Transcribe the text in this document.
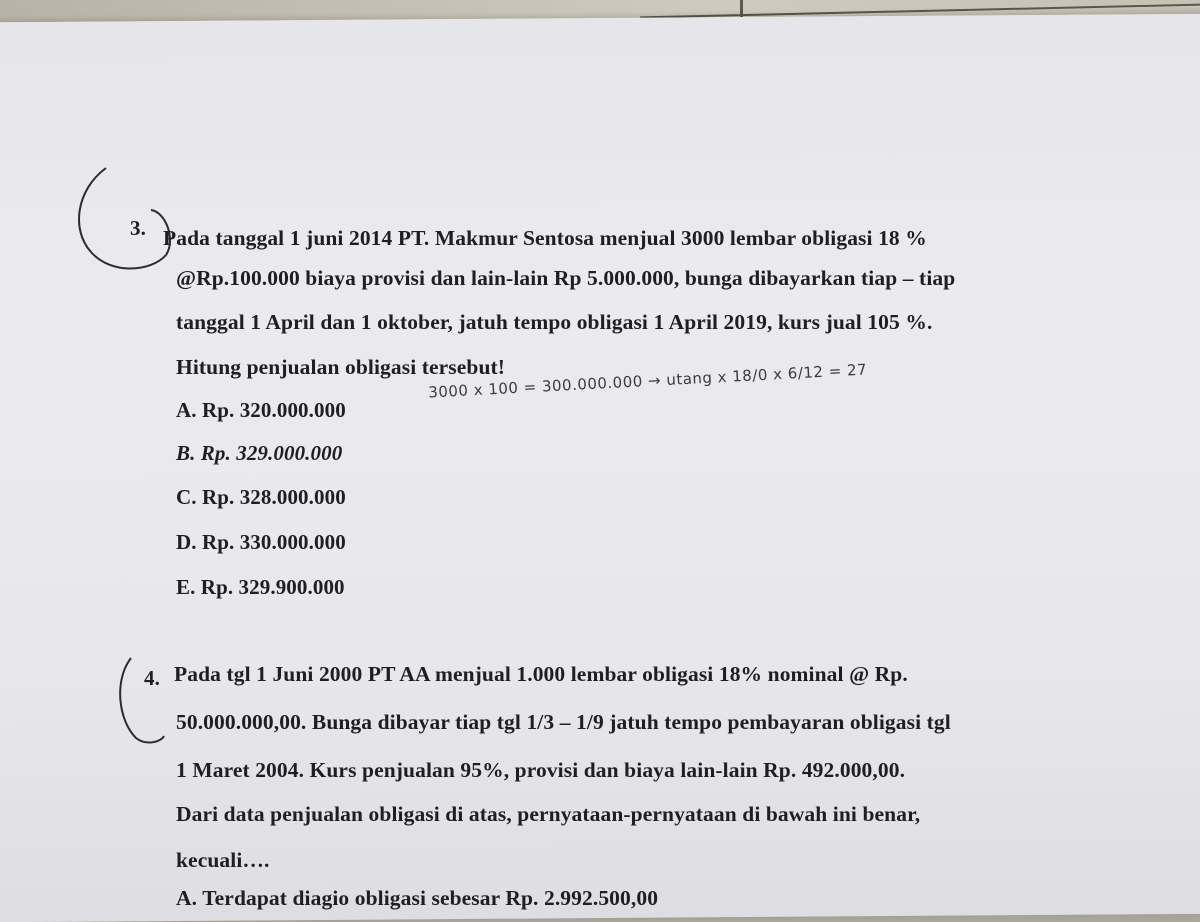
3. Pada tanggal 1 juni 2014 PT. Makmur Sentosa menjual 3000 lembar obligasi 18 %
@Rp.100.000 biaya provisi dan lain-lain Rp 5.000.000, bunga dibayarkan tiap – tiap
tanggal 1 April dan 1 oktober, jatuh tempo obligasi 1 April 2019, kurs jual 105 %.
Hitung penjualan obligasi tersebut!
3000 x 100 = 300.000.000 → utang x 18/0 x 6/12 = 27
A. Rp. 320.000.000
B. Rp. 329.000.000
C. Rp. 328.000.000
D. Rp. 330.000.000
E. Rp. 329.900.000
4. Pada tgl 1 Juni 2000 PT AA menjual 1.000 lembar obligasi 18% nominal @ Rp.
50.000.000,00. Bunga dibayar tiap tgl 1/3 – 1/9 jatuh tempo pembayaran obligasi tgl
1 Maret 2004. Kurs penjualan 95%, provisi dan biaya lain-lain Rp. 492.000,00.
Dari data penjualan obligasi di atas, pernyataan-pernyataan di bawah ini benar,
kecuali….
A. Terdapat diagio obligasi sebesar Rp. 2.992.500,00
